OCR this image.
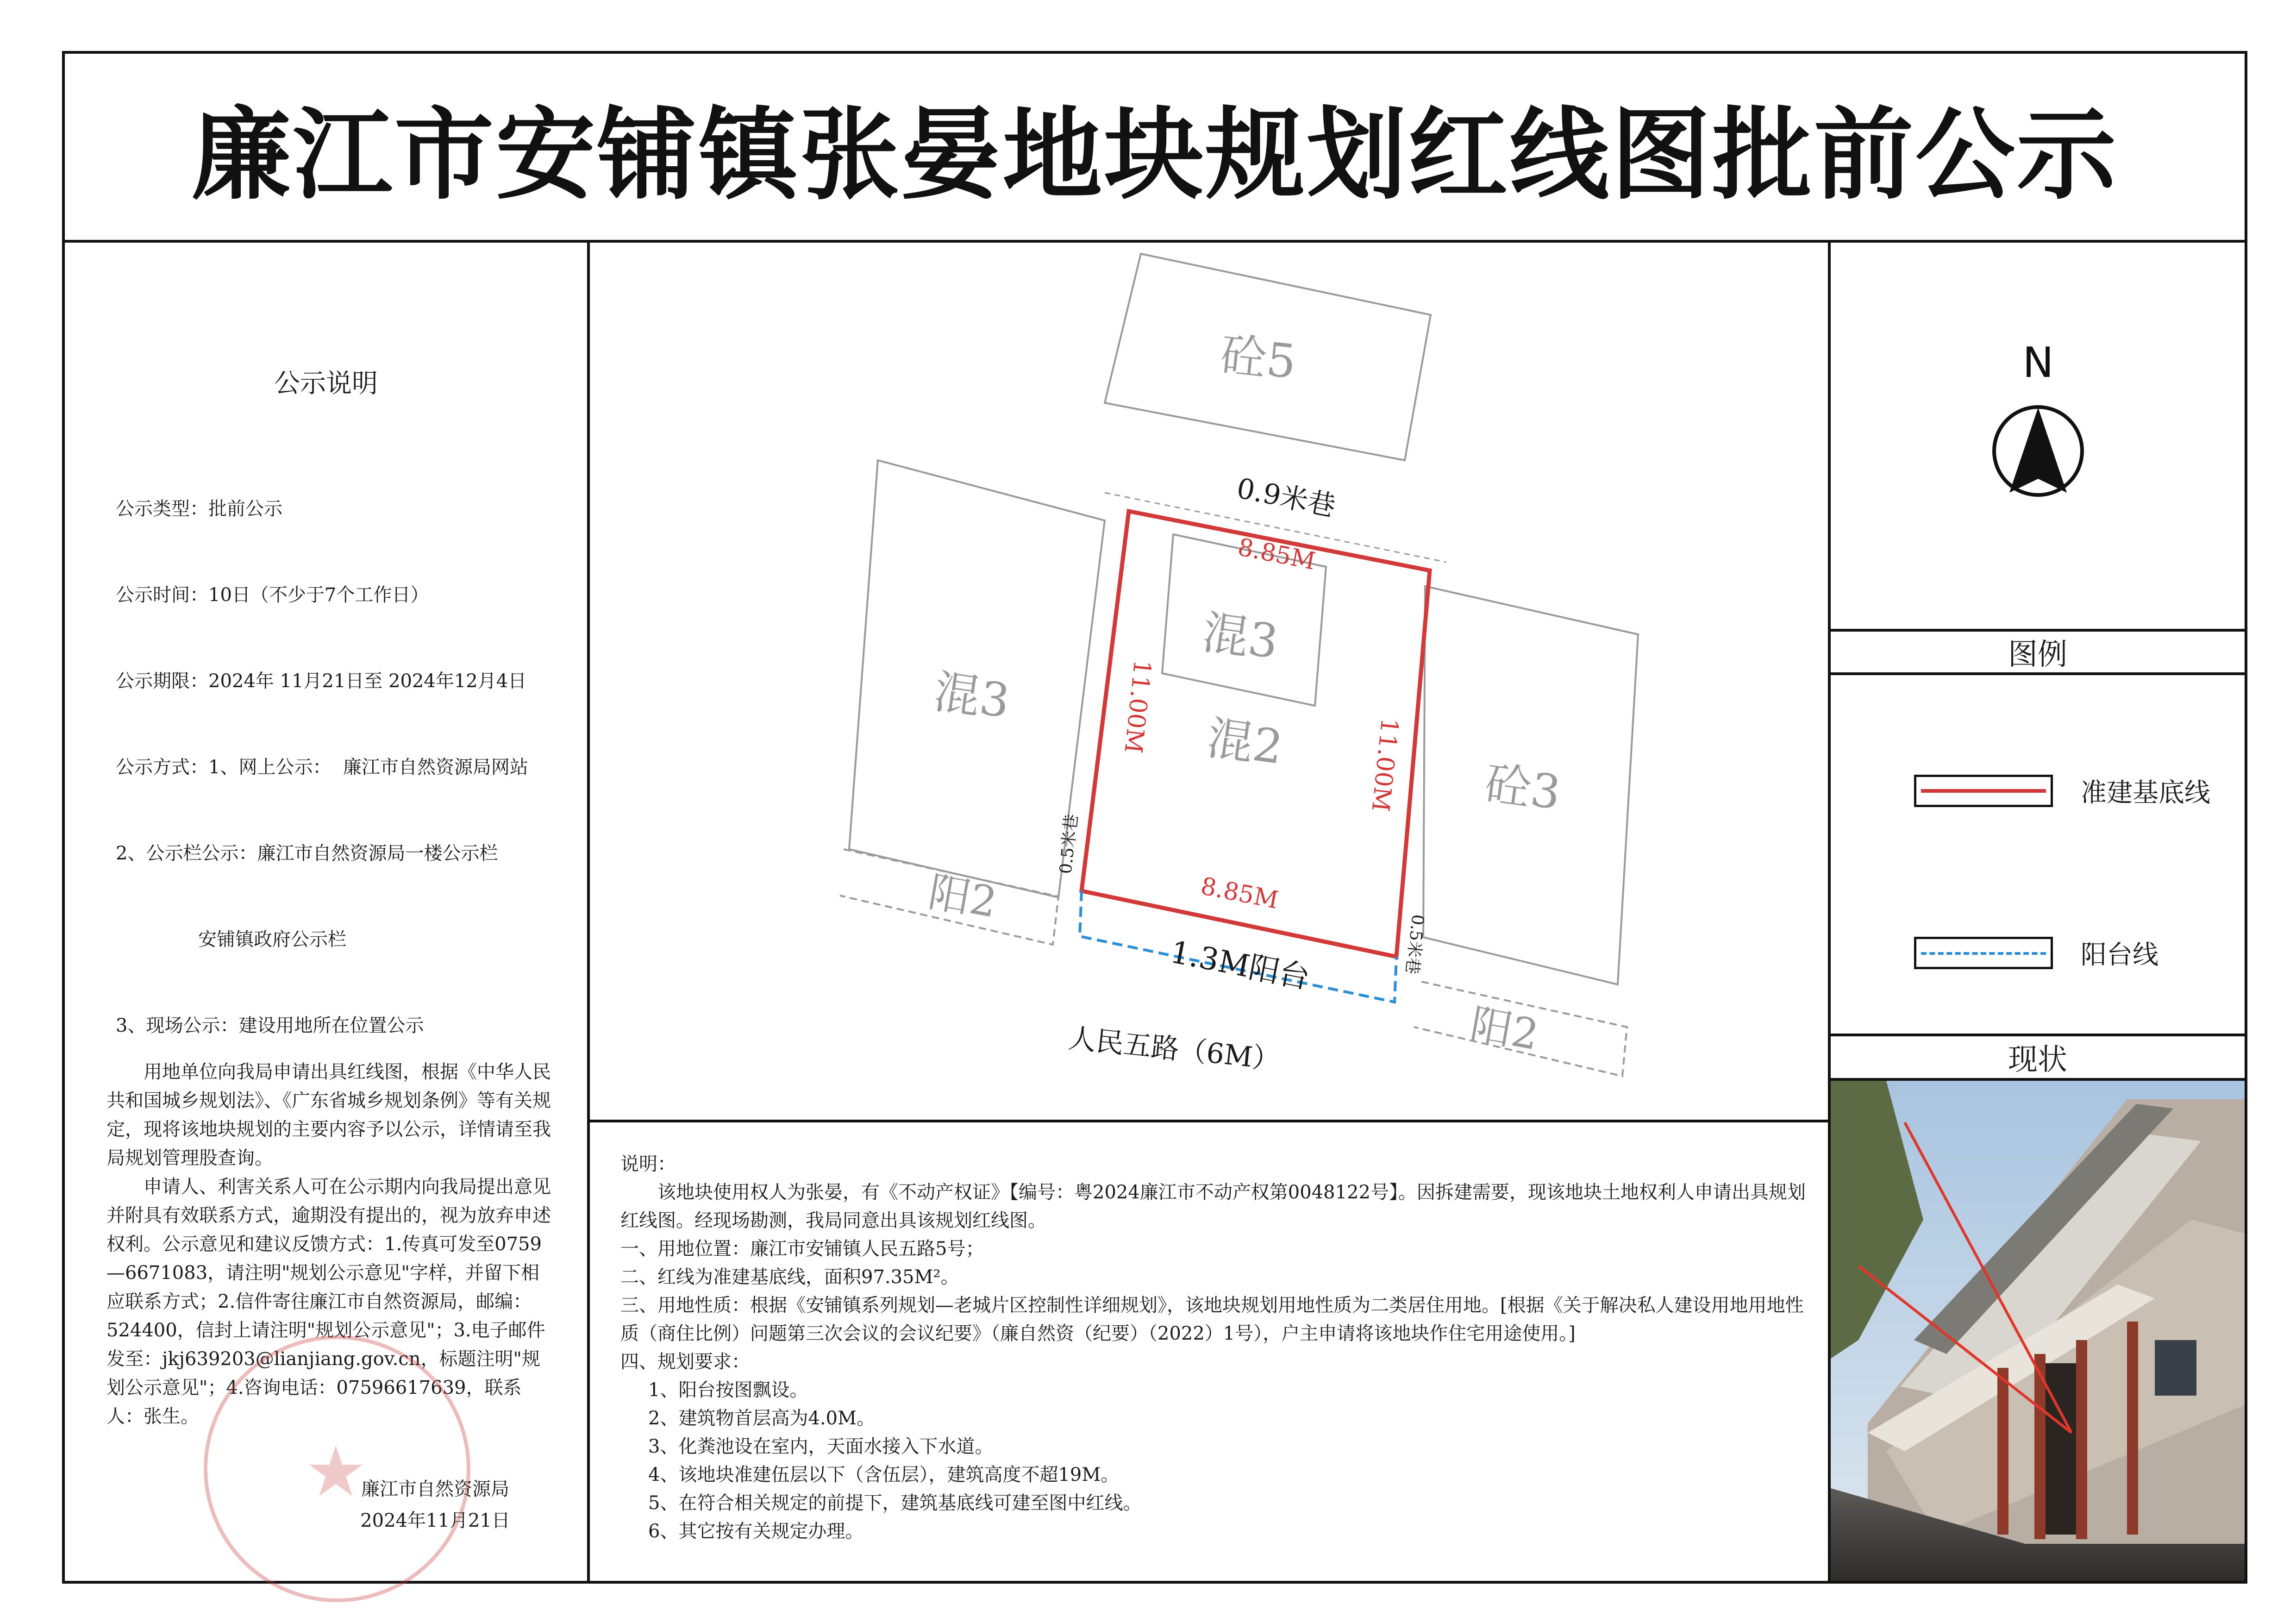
廉江市安铺镇张晏地块规划红线图批前公示
公示说明

公示类型：批前公示

公示时间：10日（不少于7个工作日）

公示期限：2024年 11月21日至 2024年12月4日

公示方式：1、网上公示：  廉江市自然资源局网站

2、公示栏公示：廉江市自然资源局一楼公示栏

安铺镇政府公示栏

3、现场公示：建设用地所在位置公示

用地单位向我局申请出具红线图，根据《中华人民共和国城乡规划法》、《广东省城乡规划条例》等有关规定，现将该地块规划的主要内容予以公示，详情请至我局规划管理股查询。

申请人、利害关系人可在公示期内向我局提出意见并附具有效联系方式，逾期没有提出的，视为放弃申述权利。公示意见和建议反馈方式：1.传真可发至0759—6671083，请注明"规划公示意见"字样，并留下相应联系方式；2.信件寄往廉江市自然资源局，邮编：524400，信封上请注明"规划公示意见"；3.电子邮件发至：jkj639203@lianjiang.gov.cn，标题注明"规划公示意见"；4.咨询电话：07596617639，联系人：张生。

★
廉江市自然资源局
2024年11月21日
砼5
混3
砼3
混3
混2
阳2
阳2
8.85M
8.85M
11.00M
11.00M
0.9米巷
0.5米巷
0.5米巷
1.3M阳台
人民五路（6M）
说明：
该地块使用权人为张晏，有《不动产权证》【编号：粤2024廉江市不动产权第0048122号】。因拆建需要，现该地块土地权利人申请出具规划红线图。经现场勘测，我局同意出具该规划红线图。
一、用地位置：廉江市安铺镇人民五路5号；
二、红线为准建基底线，面积97.35M²。
三、用地性质：根据《安铺镇系列规划—老城片区控制性详细规划》，该地块规划用地性质为二类居住用地。[根据《关于解决私人建设用地用地性质（商住比例）问题第三次会议的会议纪要》（廉自然资（纪要）（2022）1号），户主申请将该地块作住宅用途使用。]
四、规划要求：
1、阳台按图飘设。
2、建筑物首层高为4.0M。
3、化粪池设在室内，天面水接入下水道。
4、该地块准建伍层以下（含伍层），建筑高度不超19M。
5、在符合相关规定的前提下，建筑基底线可建至图中红线。
6、其它按有关规定办理。
N
图例
准建基底线
阳台线
现状
